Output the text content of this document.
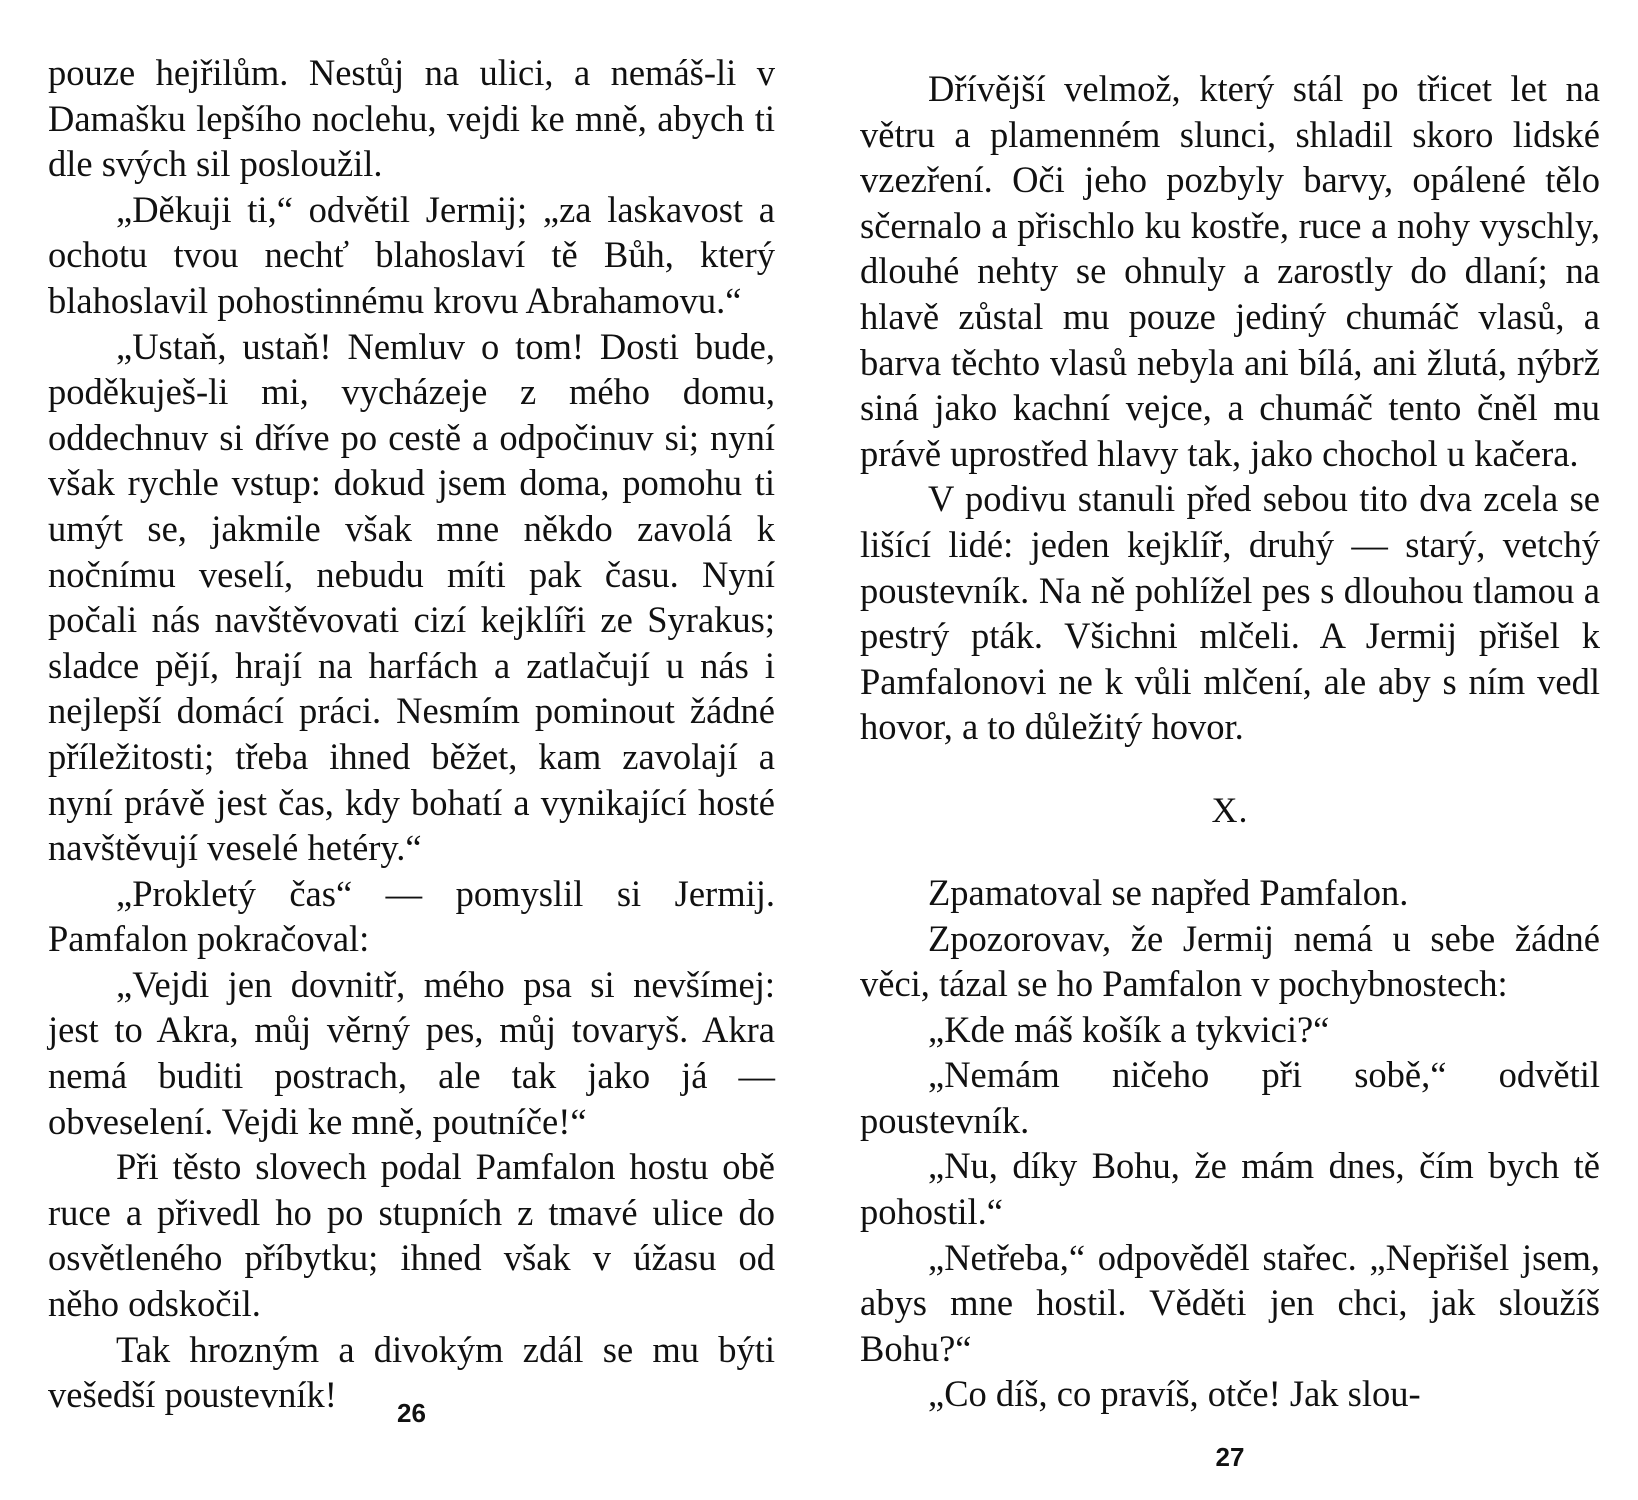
pouze hejřilům. Nestůj na ulici, a nemáš-li v Damašku lepšího noclehu, vejdi ke mně, abych ti dle svých sil posloužil.

„Děkuji ti,“ odvětil Jermij; „za laskavost a ochotu tvou nechť blahoslaví tě Bůh, který blahoslavil pohostinnému krovu Abrahamovu.“

„Ustaň, ustaň! Nemluv o tom! Dosti bude, poděkuješ-li mi, vycházeje z mého domu, oddechnuv si dříve po cestě a odpočinuv si; nyní však rychle vstup: dokud jsem doma, pomohu ti umýt se, jakmile však mne někdo zavolá k nočnímu veselí, nebudu míti pak času. Nyní počali nás navštěvovati cizí kejklíři ze Syrakus; sladce pějí, hrají na harfách a zatlačují u nás i nejlepší domácí práci. Nesmím pominout žádné příležitosti; třeba ihned běžet, kam zavolají a nyní právě jest čas, kdy bohatí a vynikající hosté navštěvují veselé hetéry.“

„Prokletý čas“ — pomyslil si Jermij. Pamfalon pokračoval:

„Vejdi jen dovnitř, mého psa si nevšímej: jest to Akra, můj věrný pes, můj tovaryš. Akra nemá buditi postrach, ale tak jako já — obveselení. Vejdi ke mně, poutníče!“

Při těsto slovech podal Pamfalon hostu obě ruce a přivedl ho po stupních z tmavé ulice do osvětleného příbytku; ihned však v úžasu od něho odskočil.

Tak hrozným a divokým zdál se mu býti vešedší poustevník!	26

Dřívější velmož, který stál po třicet let na větru a plamenném slunci, shladil skoro lidské vzezření. Oči jeho pozbyly barvy, opálené tělo sčernalo a přischlo ku kostře, ruce a nohy vyschly, dlouhé nehty se ohnuly a zarostly do dlaní; na hlavě zůstal mu pouze jediný chumáč vlasů, a barva těchto vlasů nebyla ani bílá, ani žlutá, nýbrž siná jako kachní vejce, a chumáč tento čněl mu právě uprostřed hlavy tak, jako chochol u kačera.

V podivu stanuli před sebou tito dva zcela se lišící lidé: jeden kejklíř, druhý — starý, vetchý poustevník. Na ně pohlížel pes s dlouhou tlamou a pestrý pták. Všichni mlčeli. A Jermij přišel k Pamfalonovi ne k vůli mlčení, ale aby s ním vedl hovor, a to důležitý hovor.

X.

Zpamatoval se napřed Pamfalon.

Zpozorovav, že Jermij nemá u sebe žádné věci, tázal se ho Pamfalon v pochybnostech:

„Kde máš košík a tykvici?“

„Nemám ničeho při sobě,“ odvětil poustevník.

„Nu, díky Bohu, že mám dnes, čím bych tě pohostil.“

„Netřeba,“ odpověděl stařec. „Nepřišel jsem, abys mne hostil. Věděti jen chci, jak sloužíš Bohu?“

„Co díš, co pravíš, otče! Jak slou-

27
